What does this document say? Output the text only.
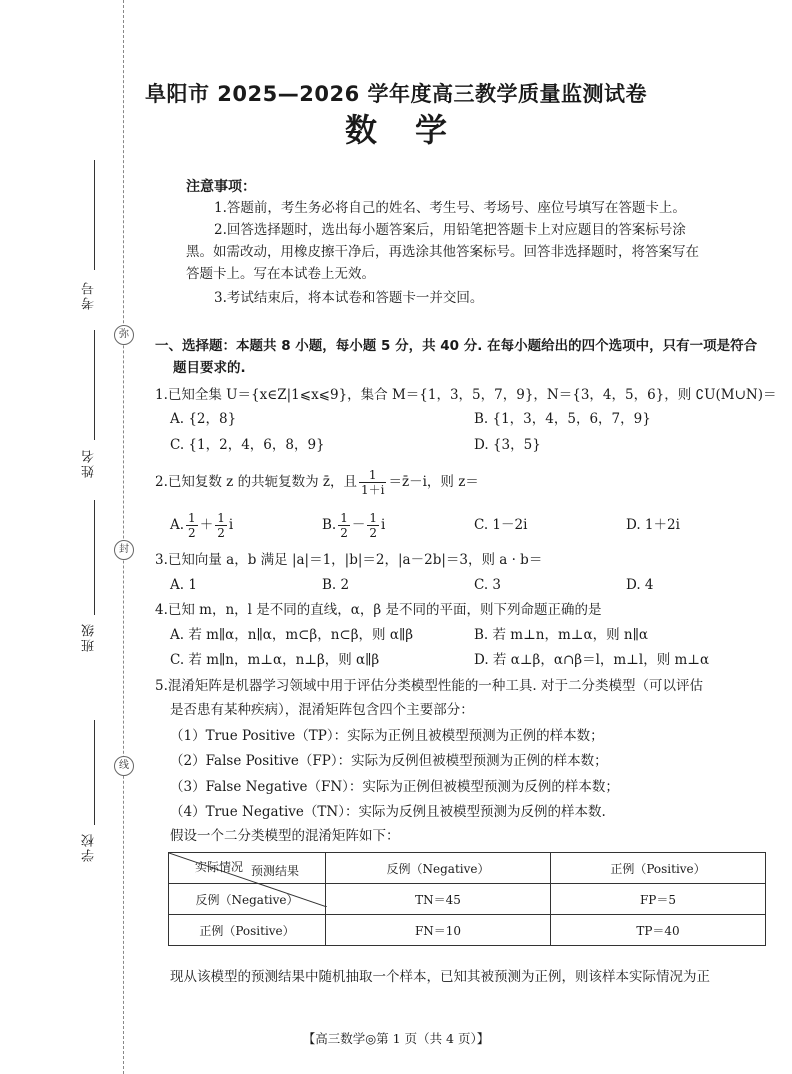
弥
封
线
考号
姓名
班级
学校
阜阳市 2025—2026 学年度高三教学质量监测试卷
数 学
注意事项：
1.答题前，考生务必将自己的姓名、考生号、考场号、座位号填写在答题卡上。
2.回答选择题时，选出每小题答案后，用铅笔把答题卡上对应题目的答案标号涂
黑。如需改动，用橡皮擦干净后，再选涂其他答案标号。回答非选择题时，将答案写在
答题卡上。写在本试卷上无效。
3.考试结束后，将本试卷和答题卡一并交回。
一、选择题：本题共 8 小题，每小题 5 分，共 40 分. 在每小题给出的四个选项中，只有一项是符合
题目要求的.
1.已知全集 U＝{x∈Z|1⩽x⩽9}，集合 M＝{1，3，5，7，9}，N＝{3，4，5，6}，则 ∁U(M∪N)＝
A. {2，8}	B. {1，3，4，5，6，7，9}
C. {1，2，4，6，8，9}	D. {3，5}
2.已知复数 z 的共轭复数为 z̄，且 $\frac{1}{1+i}$ ＝z̄－i，则 z＝
A. $\frac{1}{2} + \frac{1}{2}$ i	B. $\frac{1}{2} - \frac{1}{2}$ i	C. 1－2i	D. 1＋2i
3.已知向量 a，b 满足 |a|＝1，|b|＝2，|a－2b|＝3，则 a · b＝
A. 1	B. 2	C. 3	D. 4
4.已知 m，n，l 是不同的直线，α，β 是不同的平面，则下列命题正确的是
A. 若 m∥α，n∥α，m⊂β，n⊂β，则 α∥β	B. 若 m⊥n，m⊥α，则 n∥α
C. 若 m∥n，m⊥α，n⊥β，则 α∥β	D. 若 α⊥β，α∩β＝l，m⊥l，则 m⊥α
5.混淆矩阵是机器学习领域中用于评估分类模型性能的一种工具. 对于二分类模型（可以评估
是否患有某种疾病），混淆矩阵包含四个主要部分：
（1）True Positive（TP）：实际为正例且被模型预测为正例的样本数；
（2）False Positive（FP）：实际为反例但被模型预测为正例的样本数；
（3）False Negative（FN）：实际为正例但被模型预测为反例的样本数；
（4）True Negative（TN）：实际为反例且被模型预测为反例的样本数.
假设一个二分类模型的混淆矩阵如下：
预测结果
实际情况	反例（Negative）	正例（Positive）
反例（Negative）	TN＝45	FP＝5
正例（Positive）	FN＝10	TP＝40
现从该模型的预测结果中随机抽取一个样本，已知其被预测为正例，则该样本实际情况为正
【高三数学◎第 1 页（共 4 页）】
